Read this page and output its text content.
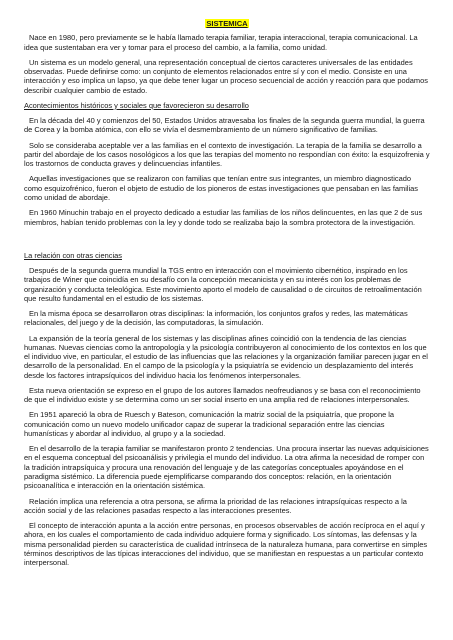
SISTEMICA

Nace en 1980, pero previamente se le había llamado terapia familiar, terapia interaccional, terapia comunicacional. La idea que sustentaban era ver y tomar para el proceso del cambio, a la familia, como unidad.

Un sistema es un modelo general, una representación conceptual de ciertos caracteres universales de las entidades observadas. Puede definirse como: un conjunto de elementos relacionados entre sí y con el medio. Consiste en una interacción y eso implica un lapso, ya que debe tener lugar un proceso secuencial de acción y reacción para que podamos describir cualquier cambio de estado.

Acontecimientos históricos y sociales que favorecieron su desarrollo

En la década del 40 y comienzos del 50, Estados Unidos atravesaba los finales de la segunda guerra mundial, la guerra de Corea y la bomba atómica, con ello se vivía el desmembramiento de un número significativo de familias.

Solo se consideraba aceptable ver a las familias en el contexto de investigación. La terapia de la familia se desarrollo a partir del abordaje de los casos nosológicos a los que las terapias del momento no respondían con éxito: la esquizofrenia y los trastornos de conducta graves y delincuencias infantiles.

Aquellas investigaciones que se realizaron con familias que tenían entre sus integrantes, un miembro diagnosticado como esquizofrénico, fueron el objeto de estudio de los pioneros de estas investigaciones que pensaban en las familias como unidad de abordaje.

En 1960 Minuchin trabajo en el proyecto dedicado a estudiar las familias de los niños delincuentes, en las que 2 de sus miembros, habían tenido problemas con la ley y donde todo se realizaba bajo la sombra protectora de la investigación.

La relación con otras ciencias

Después de la segunda guerra mundial la TGS entro en interacción con el movimiento cibernético, inspirado en los trabajos de Winer que coincidía en su desafío con la concepción mecanicista y en su interés con los problemas de organización y conducta teleológica. Este movimiento aporto el modelo de causalidad o de circuitos de retroalimentación que resulto fundamental en el estudio de los sistemas.

En la misma época se desarrollaron otras disciplinas: la información, los conjuntos grafos y redes, las matemáticas relacionales, del juego y de la decisión, las computadoras, la simulación.

La expansión de la teoría general de los sistemas y las disciplinas afines coincidió con la tendencia de las ciencias humanas. Nuevas ciencias como la antropología y la psicología contribuyeron al conocimiento de los contextos en los que el individuo vive, en particular, el estudio de las influencias que las relaciones y la organización familiar parecen jugar en el desarrollo de la personalidad. En el campo de la psicología y la psiquiatría se evidencio un desplazamiento del interés desde los factores intrapsíquicos del individuo hacia los fenómenos interpersonales.

Esta nueva orientación se expreso en el grupo de los autores llamados neofreudianos y se basa con el reconocimiento de que el individuo existe y se determina como un ser social inserto en una amplia red de relaciones interpersonales.

En 1951 apareció la obra de Ruesch y Bateson, comunicación la matriz social de la psiquiatría, que propone la comunicación como un nuevo modelo unificador capaz de superar la tradicional separación entre las ciencias humanísticas y abordar al individuo, al grupo y a la sociedad.

En el desarrollo de la terapia familiar se manifestaron pronto 2 tendencias. Una procura insertar las nuevas adquisiciones en el esquema conceptual del psicoanálisis y privilegia el mundo del individuo. La otra afirma la necesidad de romper con la tradición intrapsíquica y procura una renovación del lenguaje y de las categorías conceptuales apoyándose en el paradigma sistémico. La diferencia puede ejemplificarse comparando dos conceptos: relación, en la orientación psicoanalítica e interacción en la orientación sistémica.

Relación implica una referencia a otra persona, se afirma la prioridad de las relaciones intrapsíquicas respecto a la acción social y de las relaciones pasadas respecto a las interacciones presentes.

El concepto de interacción apunta a la acción entre personas, en procesos observables de acción recíproca en el aquí y ahora, en los cuales el comportamiento de cada individuo adquiere forma y significado. Los síntomas, las defensas y la misma personalidad pierden su característica de cualidad intrínseca de la naturaleza humana, para convertirse en simples términos descriptivos de las típicas interacciones del individuo, que se manifiestan en respuestas a un particular contexto interpersonal.
